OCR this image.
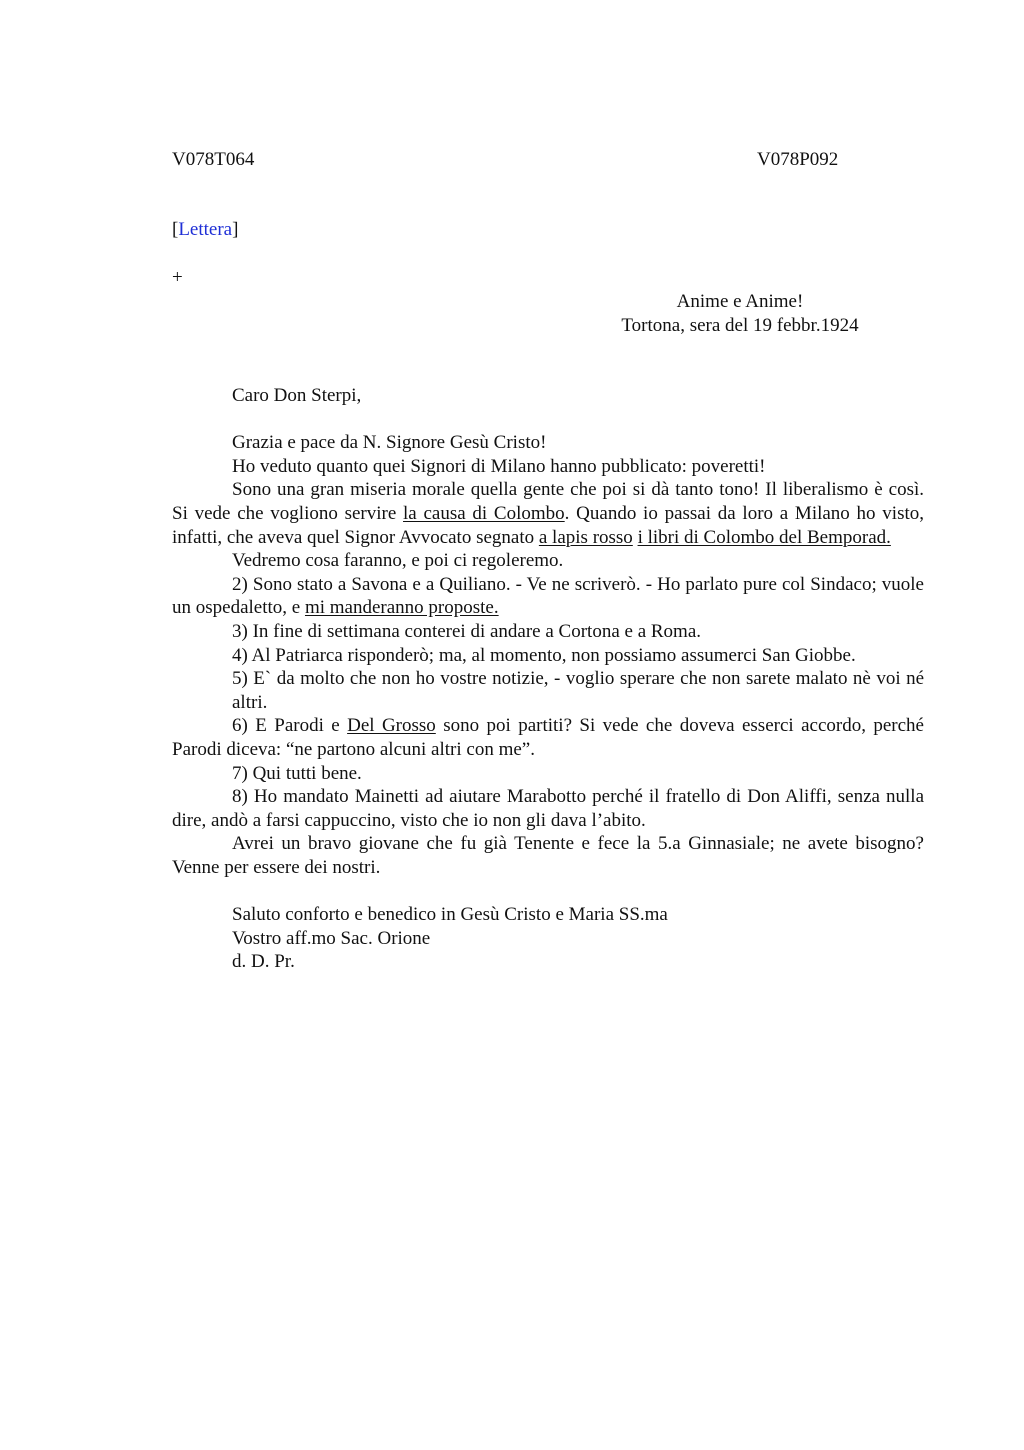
V078T064	V078P092
[Lettera]
+
Anime e Anime!
Tortona, sera del 19 febbr.1924
Caro Don Sterpi,

Grazia e pace da N. Signore Gesù Cristo!

Ho veduto quanto quei Signori di Milano hanno pubblicato: poveretti!

Sono una gran miseria morale quella gente che poi si dà tanto tono! Il liberalismo è così. Si vede che vogliono servire la causa di Colombo. Quando io passai da loro a Milano ho visto, infatti, che aveva quel Signor Avvocato segnato a lapis rosso i libri di Colombo del Bemporad.

Vedremo cosa faranno, e poi ci regoleremo.

2) Sono stato a Savona e a Quiliano. - Ve ne scriverò. - Ho parlato pure col Sindaco; vuole un ospedaletto, e mi manderanno proposte.

3) In fine di settimana conterei di andare a Cortona e a Roma.

4) Al Patriarca risponderò; ma, al momento, non possiamo assumerci San Giobbe.

5) E` da molto che non ho vostre notizie, - voglio sperare che non sarete malato nè voi né altri.

6) E Parodi e Del Grosso sono poi partiti? Si vede che doveva esserci accordo, perché Parodi diceva: “ne partono alcuni altri con me”.

7) Qui tutti bene.

8) Ho mandato Mainetti ad aiutare Marabotto perché il fratello di Don Aliffi, senza nulla dire, andò a farsi cappuccino, visto che io non gli dava l’abito.

Avrei un bravo giovane che fu già Tenente e fece la 5.a Ginnasiale; ne avete bisogno? Venne per essere dei nostri.

Saluto conforto e benedico in Gesù Cristo e Maria SS.ma
Vostro aff.mo Sac. Orione
d. D. Pr.
